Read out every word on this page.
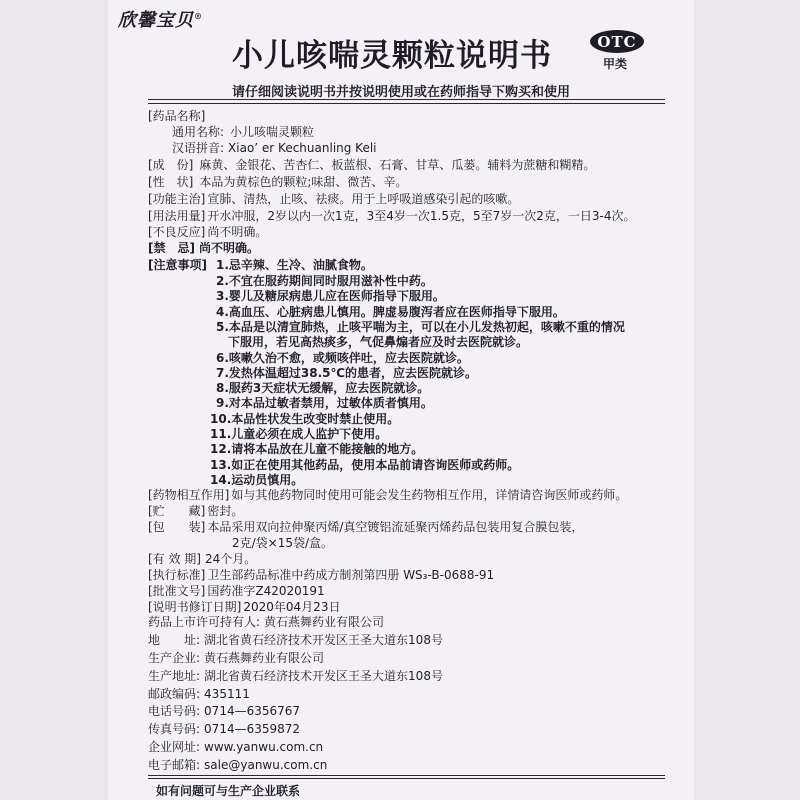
欣馨宝贝®
小儿咳喘灵颗粒说明书	OTC
甲类

请仔细阅读说明书并按说明使用或在药师指导下购买和使用

[药品名称]
通用名称: 小儿咳喘灵颗粒
汉语拼音: Xiao’ er Kechuanling Keli
[成　份] 麻黄、金银花、苦杏仁、板蓝根、石膏、甘草、瓜蒌。辅料为蔗糖和糊精。
[性　状] 本品为黄棕色的颗粒;味甜、微苦、辛。
[功能主治] 宣肺、清热，止咳、祛痰。用于上呼吸道感染引起的咳嗽。
[用法用量] 开水冲服，2岁以内一次1克，3至4岁一次1.5克，5至7岁一次2克，一日3-4次。
[不良反应] 尚不明确。
[禁　忌] 尚不明确。
[注意事项] 1.忌辛辣、生冷、油腻食物。
2.不宜在服药期间同时服用滋补性中药。
3.婴儿及糖尿病患儿应在医师指导下服用。
4.高血压、心脏病患儿慎用。脾虚易腹泻者应在医师指导下服用。
5.本品是以清宣肺热，止咳平喘为主，可以在小儿发热初起，咳嗽不重的情况
下服用，若见高热痰多，气促鼻煽者应及时去医院就诊。
6.咳嗽久治不愈，或频咳伴吐，应去医院就诊。
7.发热体温超过38.5℃的患者，应去医院就诊。
8.服药3天症状无缓解，应去医院就诊。
9.对本品过敏者禁用，过敏体质者慎用。
10.本品性状发生改变时禁止使用。
11.儿童必须在成人监护下使用。
12.请将本品放在儿童不能接触的地方。
13.如正在使用其他药品，使用本品前请咨询医师或药师。
14.运动员慎用。
[药物相互作用] 如与其他药物同时使用可能会发生药物相互作用，详情请咨询医师或药师。
[贮　　藏] 密封。
[包　　装] 本品采用双向拉伸聚丙烯/真空镀铝流延聚丙烯药品包装用复合膜包装，
2克/袋×15袋/盒。
[有 效 期] 24个月。
[执行标准] 卫生部药品标准中药成方制剂第四册 WS₃-B-0688-91
[批准文号] 国药准字Z42020191
[说明书修订日期] 2020年04月23日
药品上市许可持有人: 黄石燕舞药业有限公司
地　　址: 湖北省黄石经济技术开发区王圣大道东108号
生产企业: 黄石燕舞药业有限公司
生产地址: 湖北省黄石经济技术开发区王圣大道东108号
邮政编码: 435111
电话号码: 0714—6356767
如有问题可与生产企业联系
传真号码: 0714—6359872
企业网址: www.yanwu.com.cn
电子邮箱: sale@yanwu.com.cn
